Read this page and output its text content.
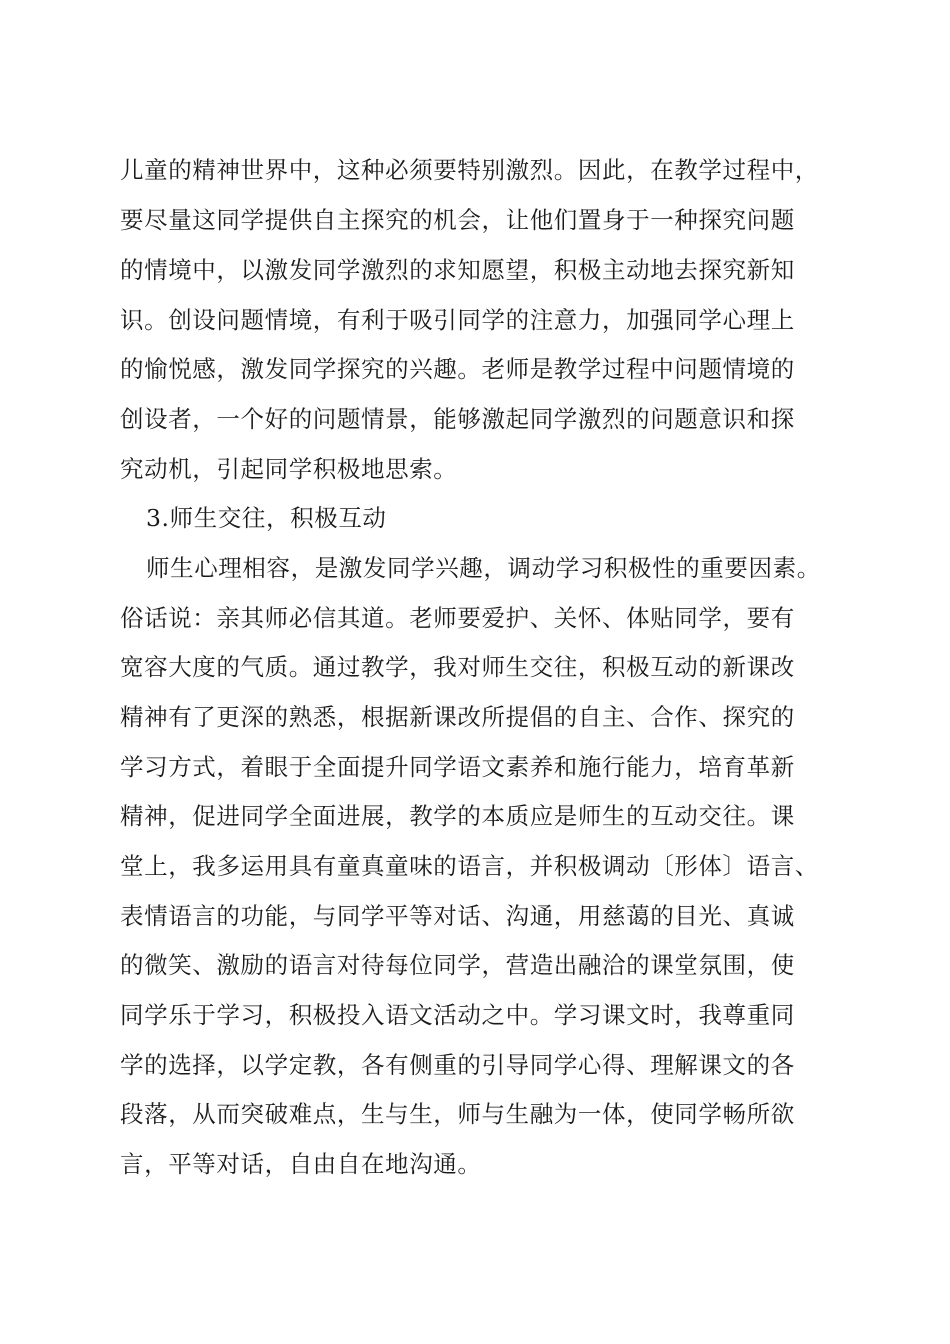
儿童的精神世界中，这种必须要特别激烈。因此，在教学过程中，
要尽量这同学提供自主探究的机会，让他们置身于一种探究问题
的情境中，以激发同学激烈的求知愿望，积极主动地去探究新知
识。创设问题情境，有利于吸引同学的注意力，加强同学心理上
的愉悦感，激发同学探究的兴趣。老师是教学过程中问题情境的
创设者，一个好的问题情景，能够激起同学激烈的问题意识和探
究动机，引起同学积极地思索。
3.师生交往，积极互动
师生心理相容，是激发同学兴趣，调动学习积极性的重要因素。
俗话说：亲其师必信其道。老师要爱护、关怀、体贴同学，要有
宽容大度的气质。通过教学，我对师生交往，积极互动的新课改
精神有了更深的熟悉，根据新课改所提倡的自主、合作、探究的
学习方式，着眼于全面提升同学语文素养和施行能力，培育革新
精神，促进同学全面进展，教学的本质应是师生的互动交往。课
堂上，我多运用具有童真童味的语言，并积极调动〔形体〕语言、
表情语言的功能，与同学平等对话、沟通，用慈蔼的目光、真诚
的微笑、激励的语言对待每位同学，营造出融洽的课堂氛围，使
同学乐于学习，积极投入语文活动之中。学习课文时，我尊重同
学的选择，以学定教，各有侧重的引导同学心得、理解课文的各
段落，从而突破难点，生与生，师与生融为一体，使同学畅所欲
言，平等对话，自由自在地沟通。
